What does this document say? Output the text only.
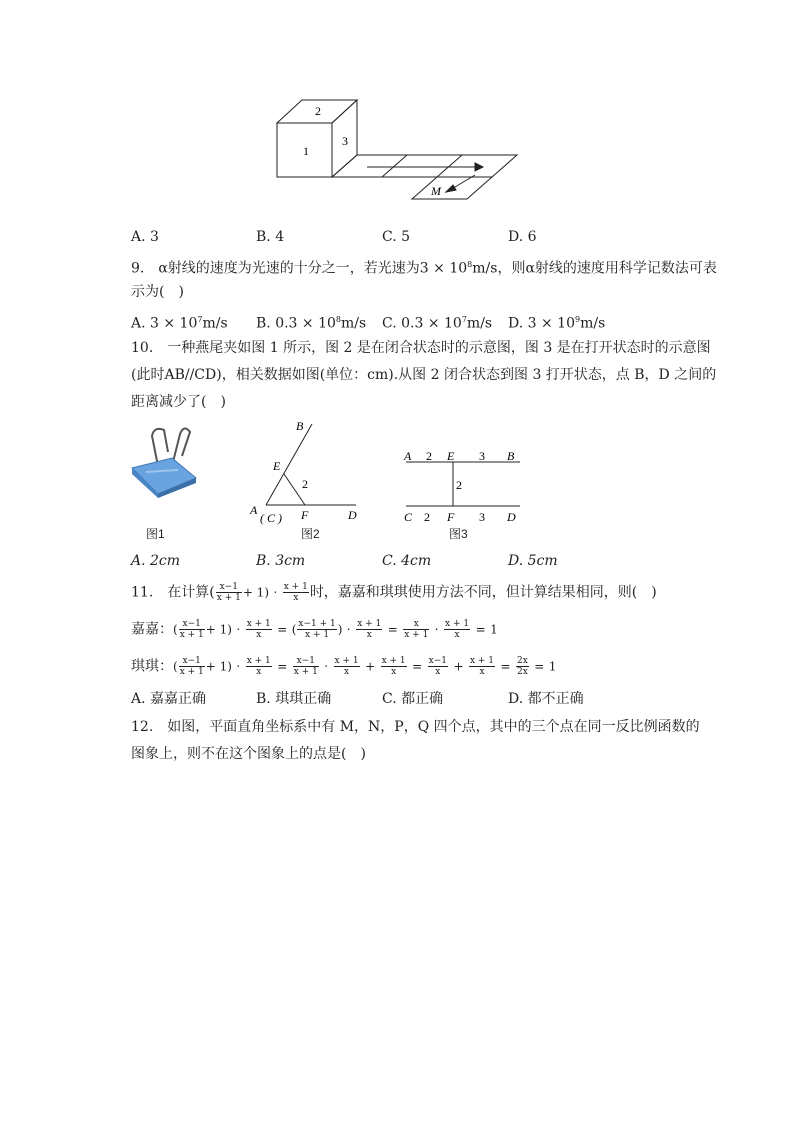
2
1
3
M
A. 3	B. 4	C. 5	D. 6
9.　α射线的速度为光速的十分之一，若光速为$3 \times 10^8m/s$，则α射线的速度用科学记数法可表
示为(　)
A. $3 \times 10^7m/s$ B. $0.3 \times 10^8m/s$ C. $0.3 \times 10^7m/s$ D. $3 \times 10^9m/s$
10.　一种燕尾夹如图 1 所示，图 2 是在闭合状态时的示意图，图 3 是在打开状态时的示意图
(此时AB//CD)，相关数据如图(单位：cm).从图 2 闭合状态到图 3 打开状态，点 B，D 之间的
距离减少了(　)
图1
B
E
2
A
( C ) F	D
图2
A 2 E 3 B
2
C 2 F 3 D
图3
A. 2cm	B. 3cm	C. 4cm	D. 5cm
11.　在计算( $\frac{x-1}{x + 1} + 1) \cdot \frac{x + 1}{x}$ 时，嘉嘉和琪琪使用方法不同，但计算结果相同，则(　)
嘉嘉：( $\frac{x-1}{x + 1} + 1) \cdot \frac{x + 1}{x}$ = ( $\frac{x-1 + 1}{x + 1}$ ) · $\frac{x + 1}{x} = \frac{x}{x + 1} \cdot \frac{x + 1}{x} = 1$
琪琪：( $\frac{x-1}{x + 1} + 1) \cdot \frac{x + 1}{x} = \frac{x-1}{x + 1} \cdot \frac{x + 1}{x} + \frac{x + 1}{x} = \frac{x-1}{x} + \frac{x + 1}{x} = \frac{2x}{2x} = 1$
A. 嘉嘉正确	B. 琪琪正确	C. 都正确	D. 都不正确
12.　如图，平面直角坐标系中有 M，N，P，Q 四个点，其中的三个点在同一反比例函数的
图象上，则不在这个图象上的点是(　)
